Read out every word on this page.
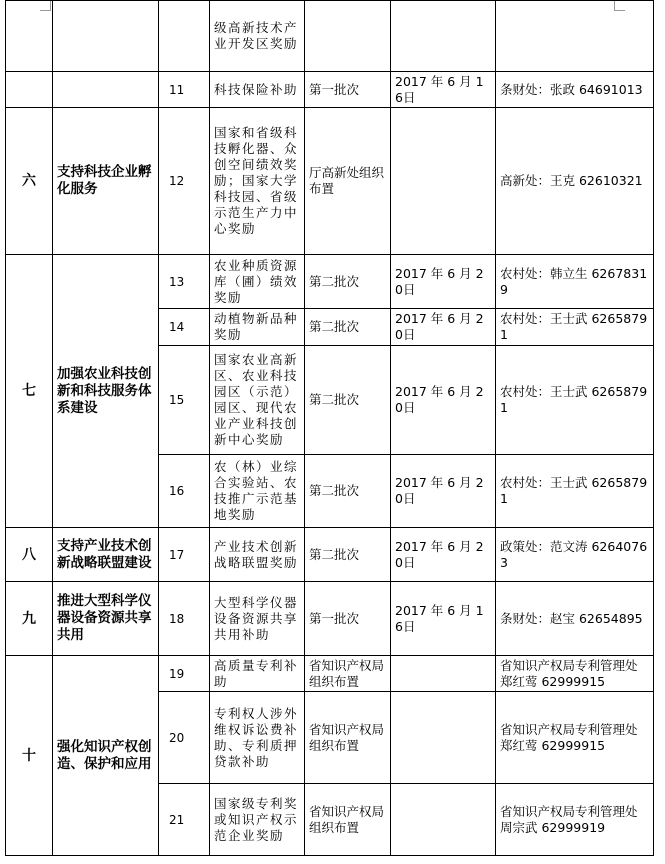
			级高新技术产业开发区奖励			
		11	科技保险补助	第一批次	2017 年 6 月 16日	条财处：张政 64691013
六	支持科技企业孵化服务	12	国家和省级科技孵化器、众创空间绩效奖励；国家大学科技园、省级示范生产力中心奖励	厅高新处组织布置		高新处：王克 62610321
七	加强农业科技创新和科技服务体系建设	13	农业种质资源库（圃）绩效奖励	第二批次	2017 年 6 月 20日	农村处：韩立生 62678319
		14	动植物新品种奖励	第二批次	2017 年 6 月 20日	农村处：王士武 62658791
		15	国家农业高新区、农业科技园区（示范）园区、现代农业产业科技创新中心奖励	第二批次	2017 年 6 月 20日	农村处：王士武 62658791
		16	农（林）业综合实验站、农技推广示范基地奖励	第二批次	2017 年 6 月 20日	农村处：王士武 62658791
八	支持产业技术创新战略联盟建设	17	产业技术创新战略联盟奖励	第二批次	2017 年 6 月 20日	政策处：范文涛 62640763
九	推进大型科学仪器设备资源共享共用	18	大型科学仪器设备资源共享共用补助	第一批次	2017 年 6 月 16日	条财处：赵宝 62654895
十	强化知识产权创造、保护和应用	19	高质量专利补助	省知识产权局组织布置		省知识产权局专利管理处郑红莺 62999915
		20	专利权人涉外维权诉讼费补助、专利质押贷款补助	省知识产权局组织布置		省知识产权局专利管理处郑红莺 62999915
		21	国家级专利奖或知识产权示范企业奖励	省知识产权局组织布置		省知识产权局专利管理处周宗武 62999919
